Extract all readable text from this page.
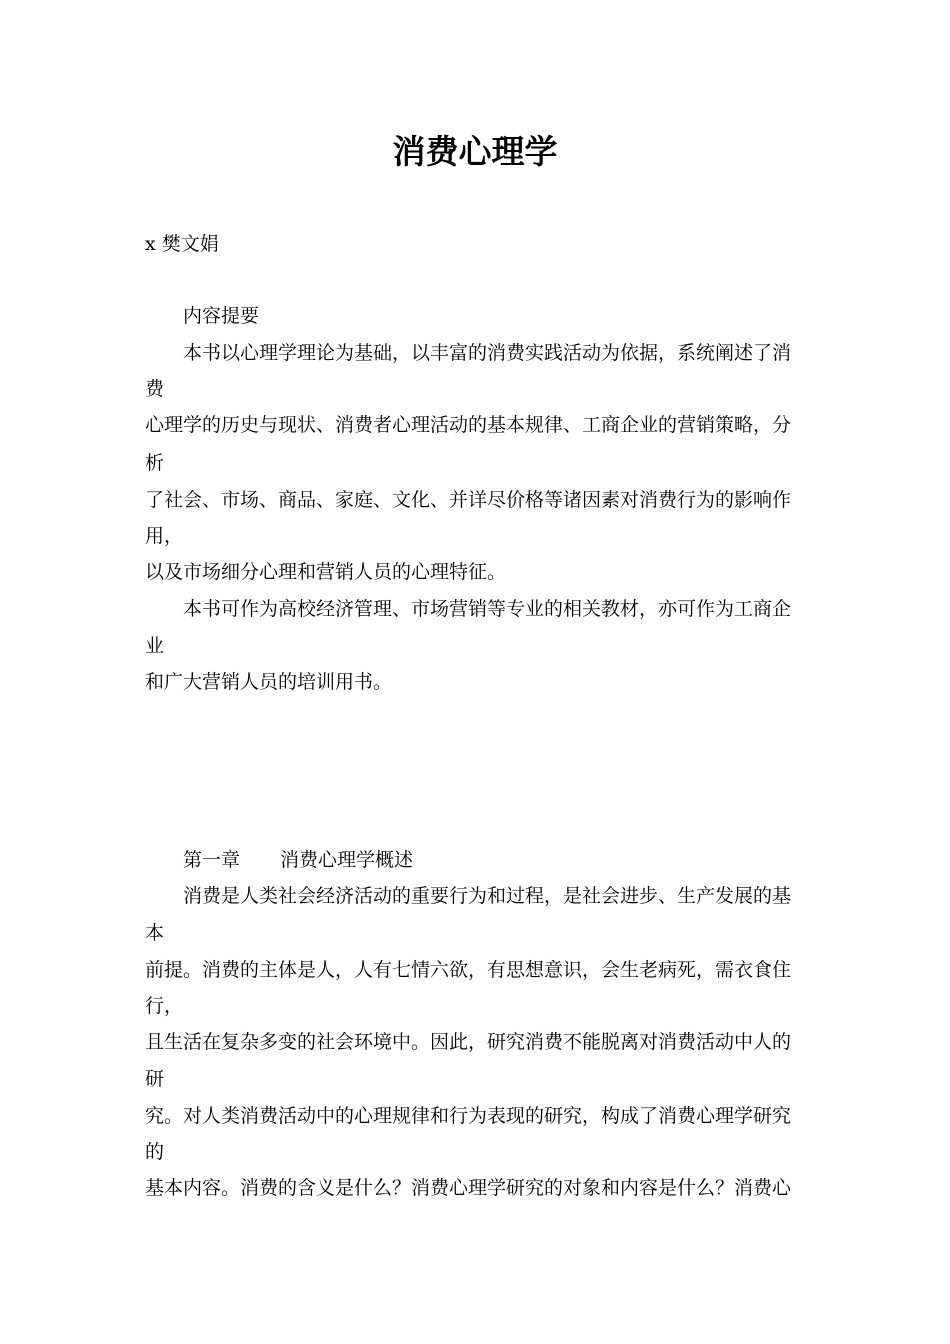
消费心理学

x 樊文娟

内容提要

本书以心理学理论为基础，以丰富的消费实践活动为依据，系统阐述了消

费

心理学的历史与现状、消费者心理活动的基本规律、工商企业的营销策略，分

析

了社会、市场、商品、家庭、文化、并详尽价格等诸因素对消费行为的影响作

用，

以及市场细分心理和营销人员的心理特征。

本书可作为高校经济管理、市场营销等专业的相关教材，亦可作为工商企

业

和广大营销人员的培训用书。

第一章 消费心理学概述

消费是人类社会经济活动的重要行为和过程，是社会进步、生产发展的基

本

前提。消费的主体是人，人有七情六欲，有思想意识，会生老病死，需衣食住

行，

且生活在复杂多变的社会环境中。因此，研究消费不能脱离对消费活动中人的

研

究。对人类消费活动中的心理规律和行为表现的研究，构成了消费心理学研究

的

基本内容。消费的含义是什么？消费心理学研究的对象和内容是什么？消费心
